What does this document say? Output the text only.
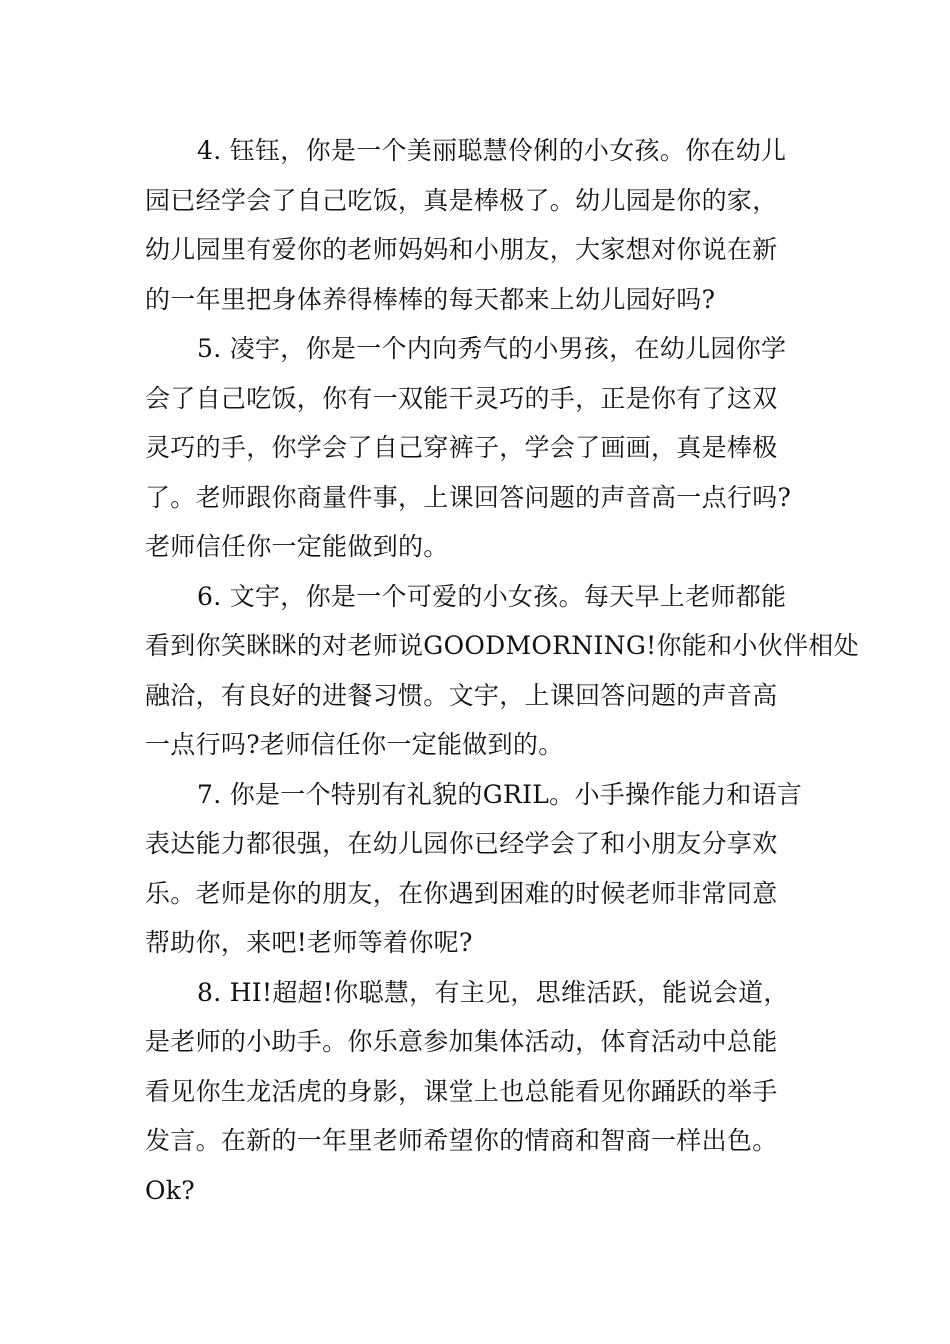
4. 钰钰，你是一个美丽聪慧伶俐的小女孩。你在幼儿
园已经学会了自己吃饭，真是棒极了。幼儿园是你的家，
幼儿园里有爱你的老师妈妈和小朋友，大家想对你说在新
的一年里把身体养得棒棒的每天都来上幼儿园好吗?

5. 凌宇，你是一个内向秀气的小男孩，在幼儿园你学
会了自己吃饭，你有一双能干灵巧的手，正是你有了这双
灵巧的手，你学会了自己穿裤子，学会了画画，真是棒极
了。老师跟你商量件事，上课回答问题的声音高一点行吗?
老师信任你一定能做到的。

6. 文宇，你是一个可爱的小女孩。每天早上老师都能
看到你笑眯眯的对老师说GOODMORNING!你能和小伙伴相处
融洽，有良好的进餐习惯。文宇，上课回答问题的声音高
一点行吗?老师信任你一定能做到的。

7. 你是一个特别有礼貌的GRIL。小手操作能力和语言
表达能力都很强，在幼儿园你已经学会了和小朋友分享欢
乐。老师是你的朋友，在你遇到困难的时候老师非常同意
帮助你，来吧!老师等着你呢?

8. HI!超超!你聪慧，有主见，思维活跃，能说会道，
是老师的小助手。你乐意参加集体活动，体育活动中总能
看见你生龙活虎的身影，课堂上也总能看见你踊跃的举手
发言。在新的一年里老师希望你的情商和智商一样出色。
Ok?
